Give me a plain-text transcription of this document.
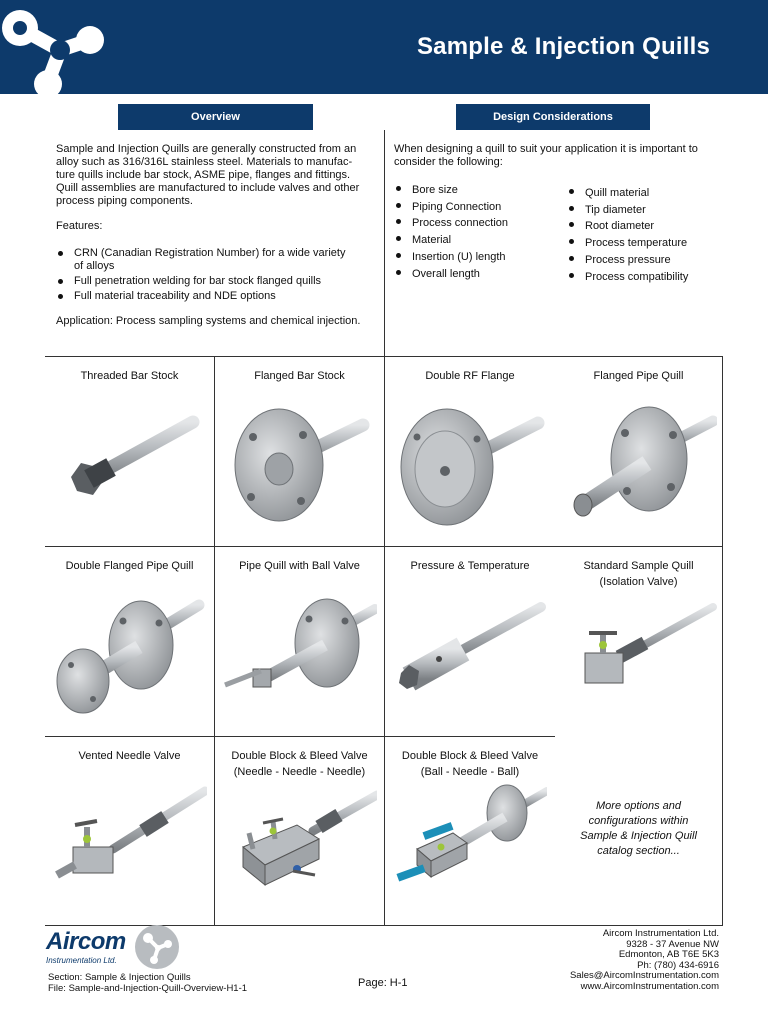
Sample & Injection Quills
Overview	Design Considerations

Sample and Injection Quills are generally constructed from an
alloy such as 316/316L stainless steel. Materials to manufac-
ture quills include bar stock, ASME pipe, flanges and fittings.
Quill assemblies are manufactured to include valves and other
process piping components.

Features:

CRN (Canadian Registration Number) for a wide variety of alloys
Full penetration welding for bar stock flanged quills
Full material traceability and NDE options

Application: Process sampling systems and chemical injection.

When designing a quill to suit your application it is important to
consider the following:

Bore size
Piping Connection
Process connection
Material
Insertion (U) length
Overall length
Quill material
Tip diameter
Root diameter
Process temperature
Process pressure
Process compatibility
Threaded Bar Stock	Flanged Bar Stock	Double RF Flange	Flanged Pipe Quill
Double Flanged Pipe Quill	Pipe Quill with Ball Valve	Pressure & Temperature	Standard Sample Quill
(Isolation Valve)
Vented Needle Valve	Double Block & Bleed Valve
(Needle - Needle - Needle)
Double Block & Bleed Valve
(Ball - Needle - Ball)
More options and
configurations within
Sample & Injection Quill
catalog section...
Aircom
Instrumentation Ltd.
Section: Sample & Injection Quills
File: Sample-and-Injection-Quill-Overview-H1-1	Page: H-1
Aircom Instrumentation Ltd.
9328 - 37 Avenue NW
Edmonton, AB T6E 5K3
Ph: (780) 434-6916
Sales@AircomInstrumentation.com
www.AircomInstrumentation.com
